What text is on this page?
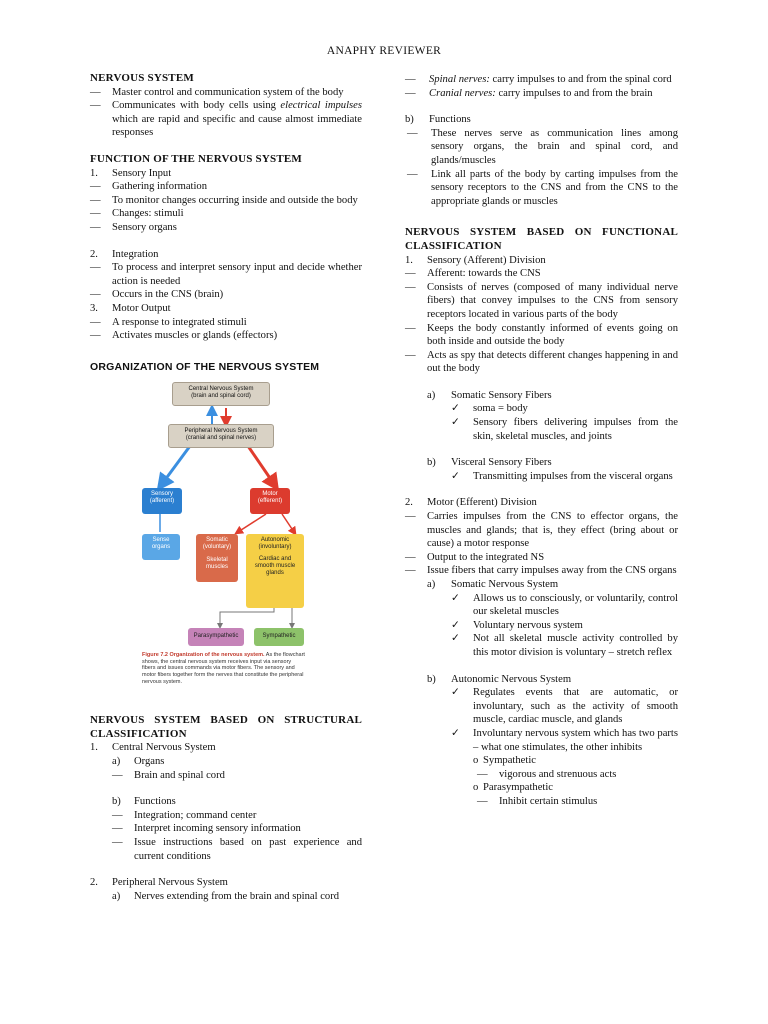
ANAPHY REVIEWER
NERVOUS SYSTEM
—	Master control and communication system of the body
—	Communicates with body cells using electrical impulses which are rapid and specific and cause almost immediate responses
FUNCTION OF THE NERVOUS SYSTEM
1.	Sensory Input
—	Gathering information
—	To monitor changes occurring inside and outside the body
—	Changes: stimuli
—	Sensory organs
2.	Integration
—	To process and interpret sensory input and decide whether action is needed
—	Occurs in the CNS (brain)
3.	Motor Output
—	A response to integrated stimuli
—	Activates muscles or glands (effectors)
ORGANIZATION OF THE NERVOUS SYSTEM
Central Nervous System
(brain and spinal cord)
Peripheral Nervous System
(cranial and spinal nerves)
Sensory
(afferent)
Motor
(efferent)
Sense
organs
Somatic
(voluntary)
Skeletal
muscles
Autonomic
(involuntary)
Cardiac and
smooth muscle
glands
Parasympathetic	Sympathetic
Figure 7.2 Organization of the nervous system. As the flowchart shows, the central nervous system receives input via sensory fibers and issues commands via motor fibers. The sensory and motor fibers together form the nerves that constitute the peripheral nervous system.
NERVOUS SYSTEM BASED ON STRUCTURAL CLASSIFICATION
1.	Central Nervous System
a)	Organs
—	Brain and spinal cord
b)	Functions
—	Integration; command center
—	Interpret incoming sensory information
—	Issue instructions based on past experience and current conditions
2.	Peripheral Nervous System
a)	Nerves extending from the brain and spinal cord
—	Spinal nerves: carry impulses to and from the spinal cord
—	Cranial nerves: carry impulses to and from the brain
b)	Functions
—	These nerves serve as communication lines among sensory organs, the brain and spinal cord, and glands/muscles
—	Link all parts of the body by carting impulses from the sensory receptors to the CNS and from the CNS to the appropriate glands or muscles
NERVOUS SYSTEM BASED ON FUNCTIONAL CLASSIFICATION
1.	Sensory (Afferent) Division
—	Afferent: towards the CNS
—	Consists of nerves (composed of many individual nerve fibers) that convey impulses to the CNS from sensory receptors located in various parts of the body
—	Keeps the body constantly informed of events going on both inside and outside the body
—	Acts as spy that detects different changes happening in and out the body
a)	Somatic Sensory Fibers
✓	soma = body
✓	Sensory fibers delivering impulses from the skin, skeletal muscles, and joints
b)	Visceral Sensory Fibers
✓	Transmitting impulses from the visceral organs
2.	Motor (Efferent) Division
—	Carries impulses from the CNS to effector organs, the muscles and glands; that is, they effect (bring about or cause) a motor response
—	Output to the integrated NS
—	Issue fibers that carry impulses away from the CNS organs
a)	Somatic Nervous System
✓	Allows us to consciously, or voluntarily, control our skeletal muscles
✓	Voluntary nervous system
✓	Not all skeletal muscle activity controlled by this motor division is voluntary – stretch reflex
b)	Autonomic Nervous System
✓	Regulates events that are automatic, or involuntary, such as the activity of smooth muscle, cardiac muscle, and glands
✓	Involuntary nervous system which has two parts – what one stimulates, the other inhibits
o Sympathetic
—	vigorous and strenuous acts
o Parasympathetic
—	Inhibit certain stimulus
